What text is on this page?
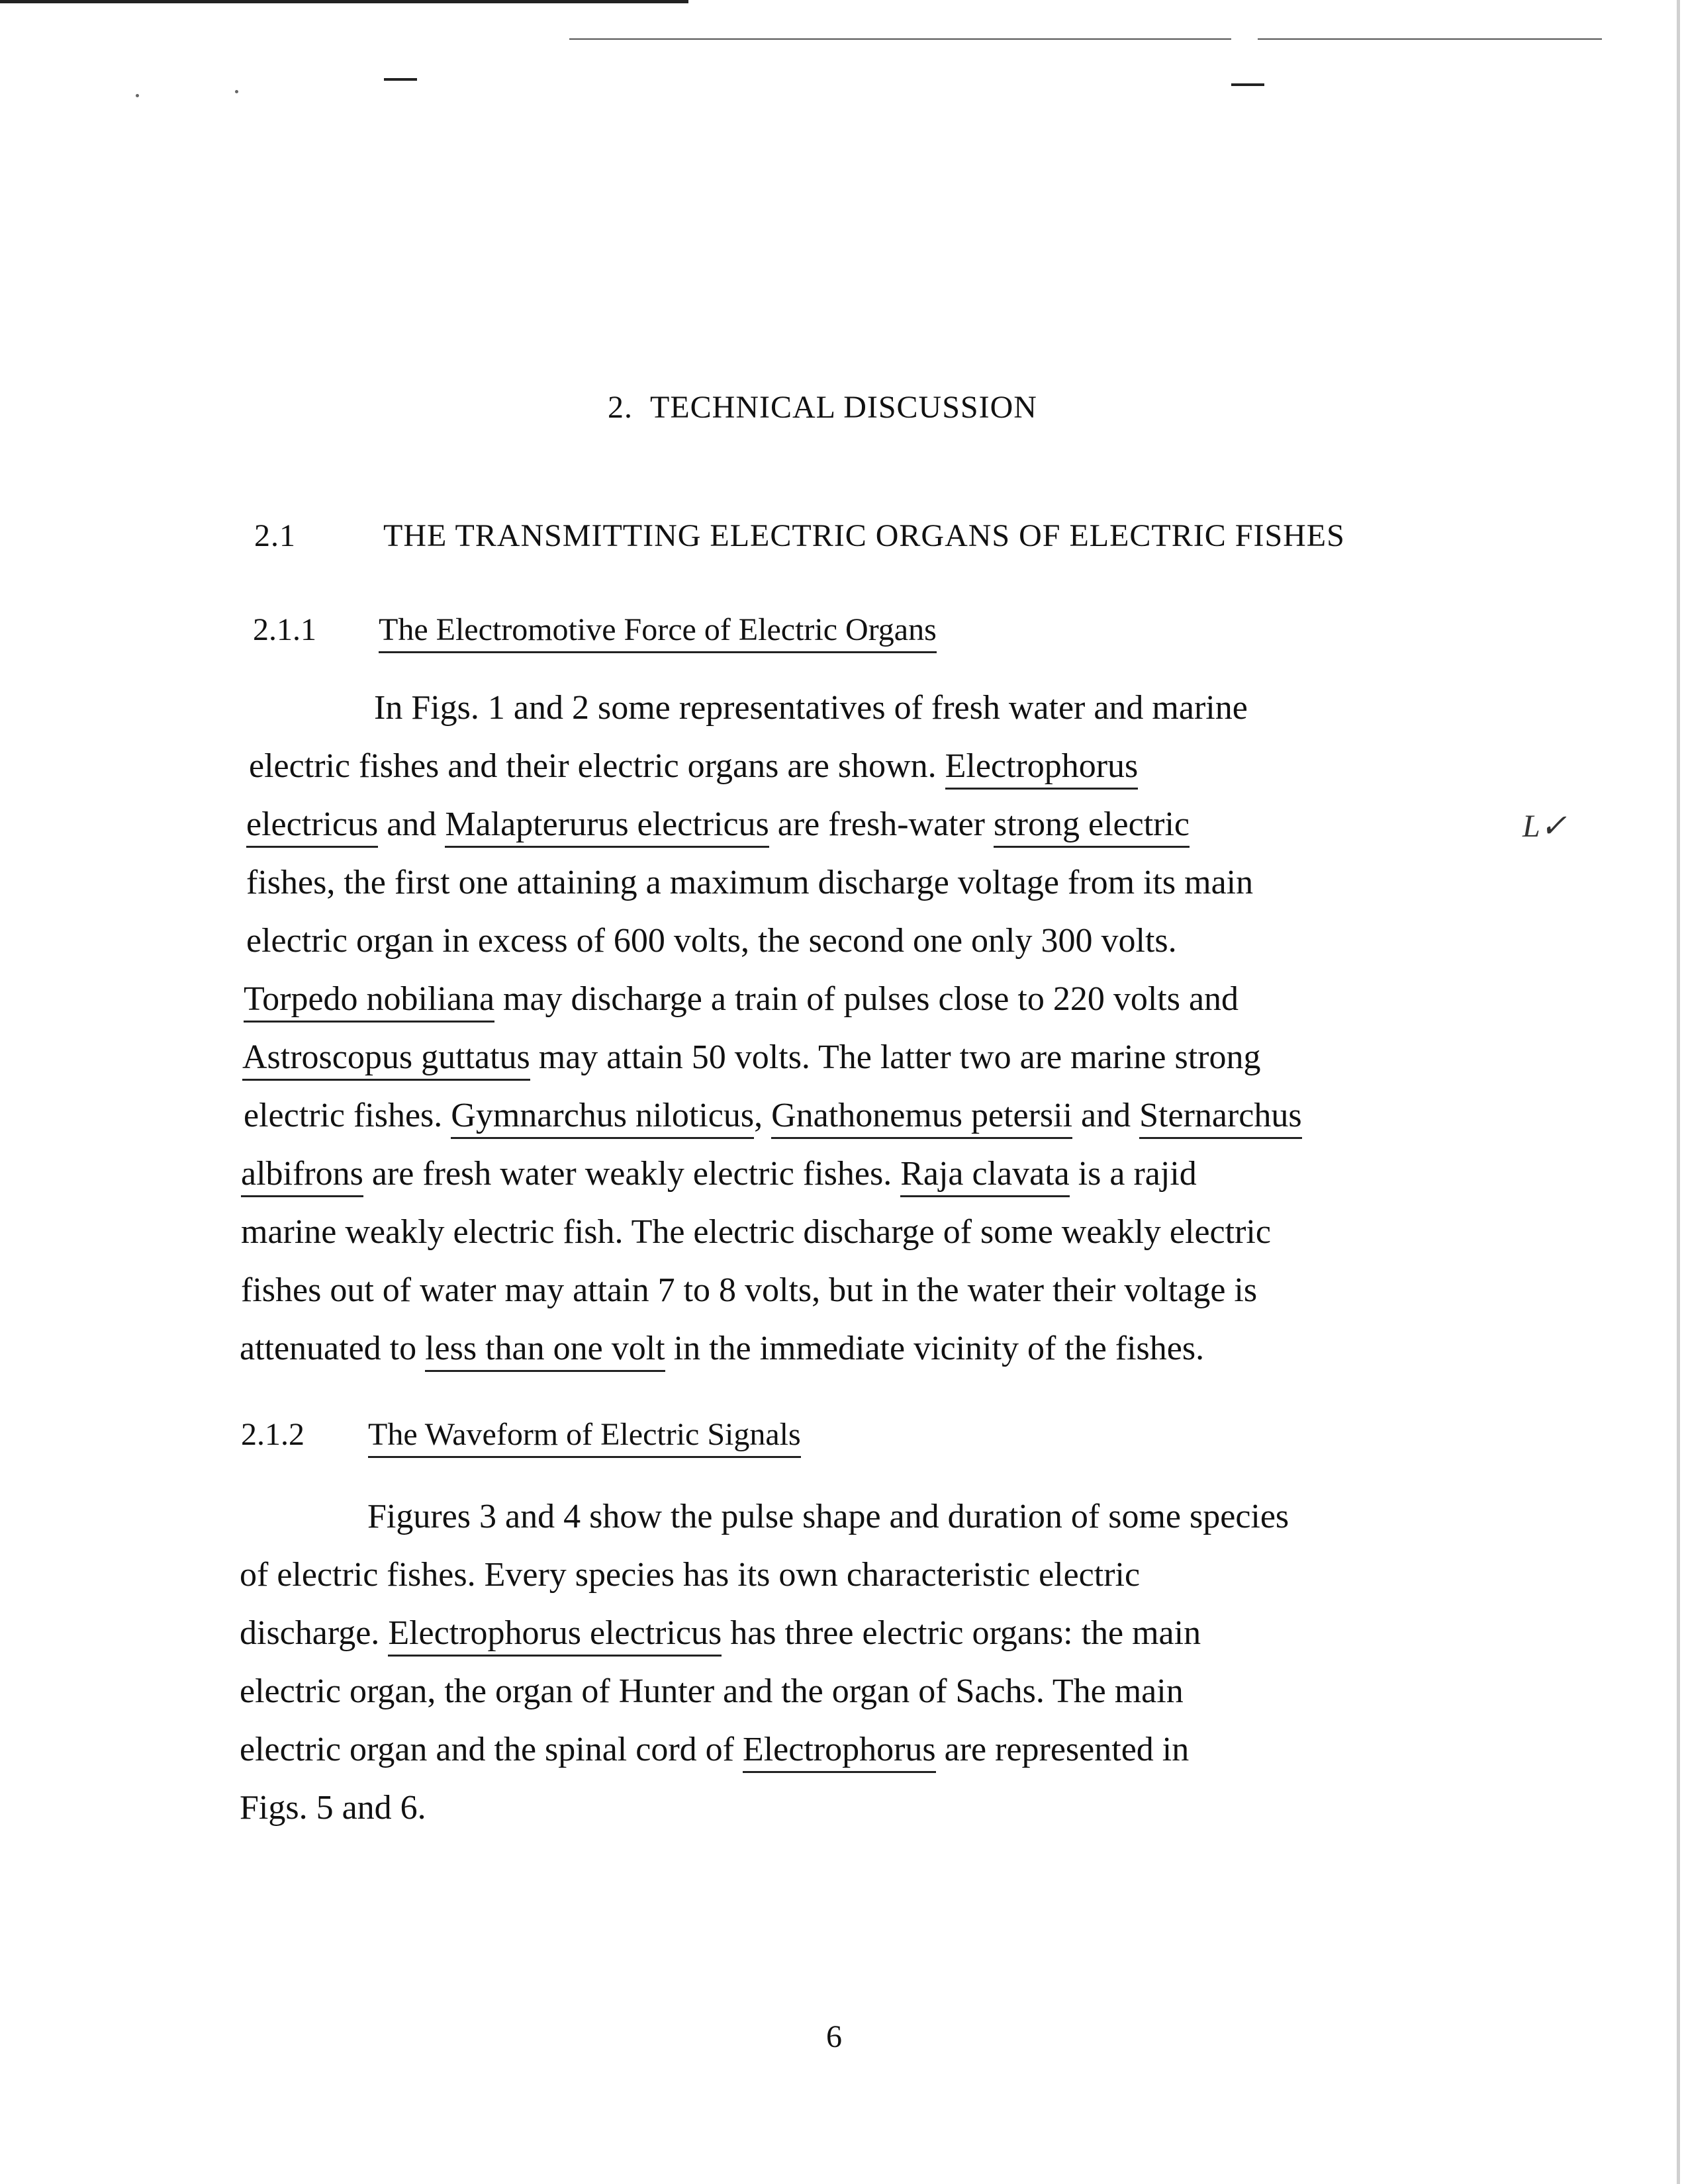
2. TECHNICAL DISCUSSION
2.1	THE TRANSMITTING ELECTRIC ORGANS OF ELECTRIC FISHES
2.1.1 The Electromotive Force of Electric Organs
In Figs. 1 and 2 some representatives of fresh water and marine
electric fishes and their electric organs are shown. Electrophorus
electricus and Malapterurus electricus are fresh-water strong electric
fishes, the first one attaining a maximum discharge voltage from its main
electric organ in excess of 600 volts, the second one only 300 volts.
Torpedo nobiliana may discharge a train of pulses close to 220 volts and
Astroscopus guttatus may attain 50 volts. The latter two are marine strong
electric fishes. Gymnarchus niloticus, Gnathonemus petersii and Sternarchus
albifrons are fresh water weakly electric fishes. Raja clavata is a rajid
marine weakly electric fish. The electric discharge of some weakly electric
fishes out of water may attain 7 to 8 volts, but in the water their voltage is
attenuated to less than one volt in the immediate vicinity of the fishes.
2.1.2 The Waveform of Electric Signals
Figures 3 and 4 show the pulse shape and duration of some species
of electric fishes. Every species has its own characteristic electric
discharge. Electrophorus electricus has three electric organs: the main
electric organ, the organ of Hunter and the organ of Sachs. The main
electric organ and the spinal cord of Electrophorus are represented in
Figs. 5 and 6.
L✓
6
